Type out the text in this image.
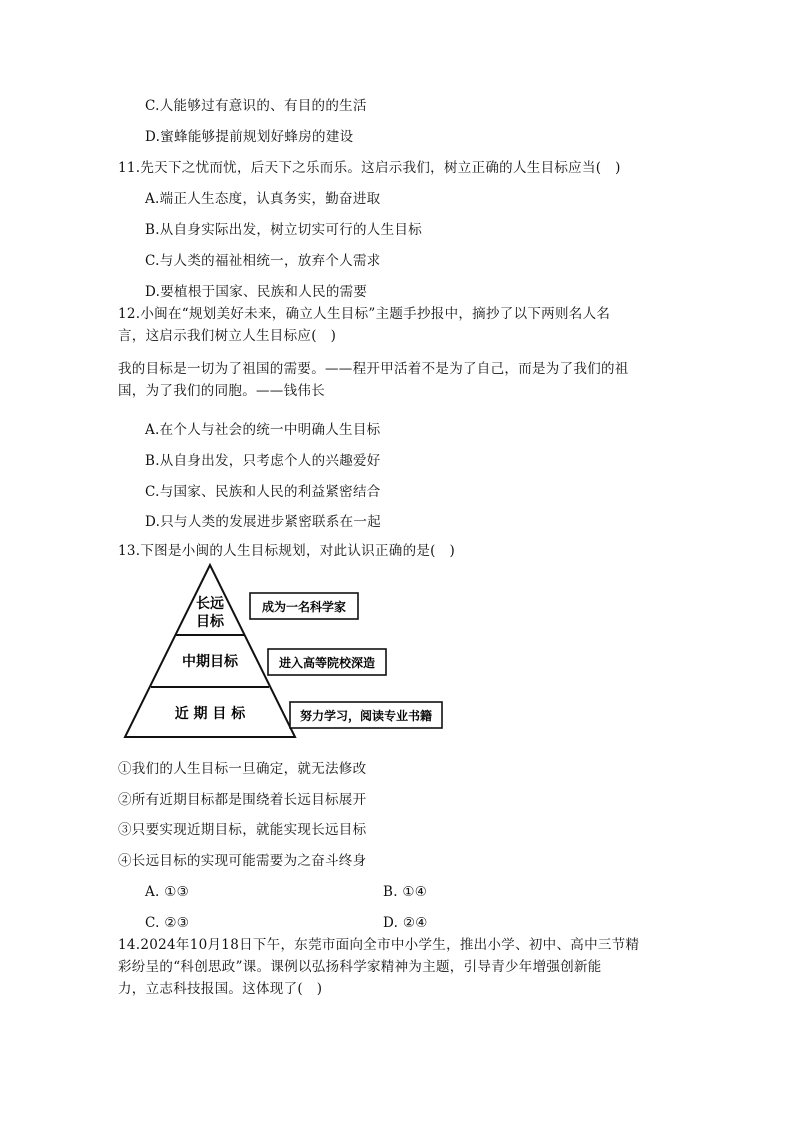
C.人能够过有意识的、有目的的生活
D.蜜蜂能够提前规划好蜂房的建设
11.先天下之忧而忧，后天下之乐而乐。这启示我们，树立正确的人生目标应当(　)
A.端正人生态度，认真务实，勤奋进取
B.从自身实际出发，树立切实可行的人生目标
C.与人类的福祉相统一，放弃个人需求
D.要植根于国家、民族和人民的需要
12.小闽在“规划美好未来，确立人生目标”主题手抄报中，摘抄了以下两则名人名
言，这启示我们树立人生目标应(　)
我的目标是一切为了祖国的需要。——程开甲活着不是为了自己，而是为了我们的祖
国，为了我们的同胞。——钱伟长
A.在个人与社会的统一中明确人生目标
B.从自身出发，只考虑个人的兴趣爱好
C.与国家、民族和人民的利益紧密结合
D.只与人类的发展进步紧密联系在一起
13.下图是小闽的人生目标规划，对此认识正确的是(　)
长远
目标
中期目标
近 期 目 标
成为一名科学家
进入高等院校深造
努力学习，阅读专业书籍
①我们的人生目标一旦确定，就无法修改
②所有近期目标都是围绕着长远目标展开
③只要实现近期目标，就能实现长远目标
④长远目标的实现可能需要为之奋斗终身
A. ①③	B. ①④
C. ②③	D. ②④
14.2024年10月18日下午，东莞市面向全市中小学生，推出小学、初中、高中三节精
彩纷呈的“科创思政”课。课例以弘扬科学家精神为主题，引导青少年增强创新能
力，立志科技报国。这体现了(　)
